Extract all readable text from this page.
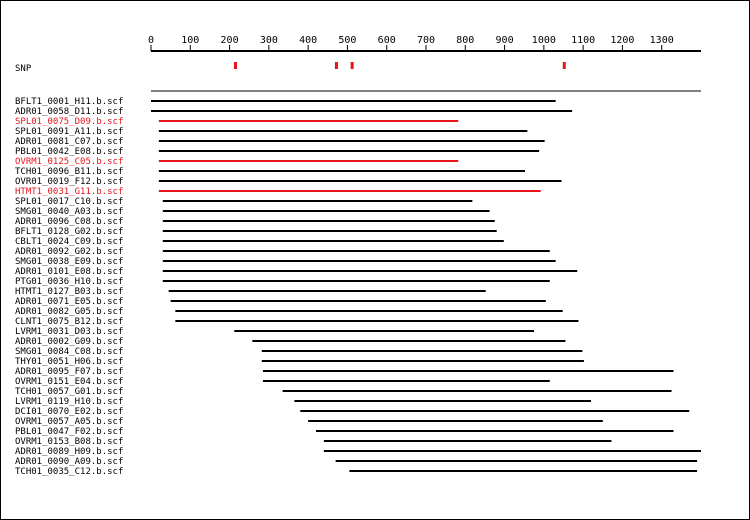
0	100 200 300 400 500 600 700 800 900 1000 1100 1200 1300
SNP
BFLT1_0001_H11.b.scf
ADR01_0058_D11.b.scf
SPL01_0075_D09.b.scf
SPL01_0091_A11.b.scf
ADR01_0081_C07.b.scf
PBL01_0042_E08.b.scf
OVRM1_0125_C05.b.scf
TCH01_0096_B11.b.scf
OVR01_0019_F12.b.scf
HTMT1_0031_G11.b.scf
SPL01_0017_C10.b.scf
SMG01_0040_A03.b.scf
ADR01_0096_C08.b.scf
BFLT1_0128_G02.b.scf
CBLT1_0024_C09.b.scf
ADR01_0092_G02.b.scf
SMG01_0038_E09.b.scf
ADR01_0101_E08.b.scf
PTG01_0036_H10.b.scf
HTMT1_0127_B03.b.scf
ADR01_0071_E05.b.scf
ADR01_0082_G05.b.scf
CLNT1_0075_B12.b.scf
LVRM1_0031_D03.b.scf
ADR01_0002_G09.b.scf
SMG01_0084_C08.b.scf
THY01_0051_H06.b.scf
ADR01_0095_F07.b.scf
OVRM1_0151_E04.b.scf
TCH01_0057_G01.b.scf
LVRM1_0119_H10.b.scf
DCI01_0070_E02.b.scf
OVRM1_0057_A05.b.scf
PBL01_0047_F02.b.scf
OVRM1_0153_B08.b.scf
ADR01_0089_H09.b.scf
ADR01_0090_A09.b.scf
TCH01_0035_C12.b.scf
